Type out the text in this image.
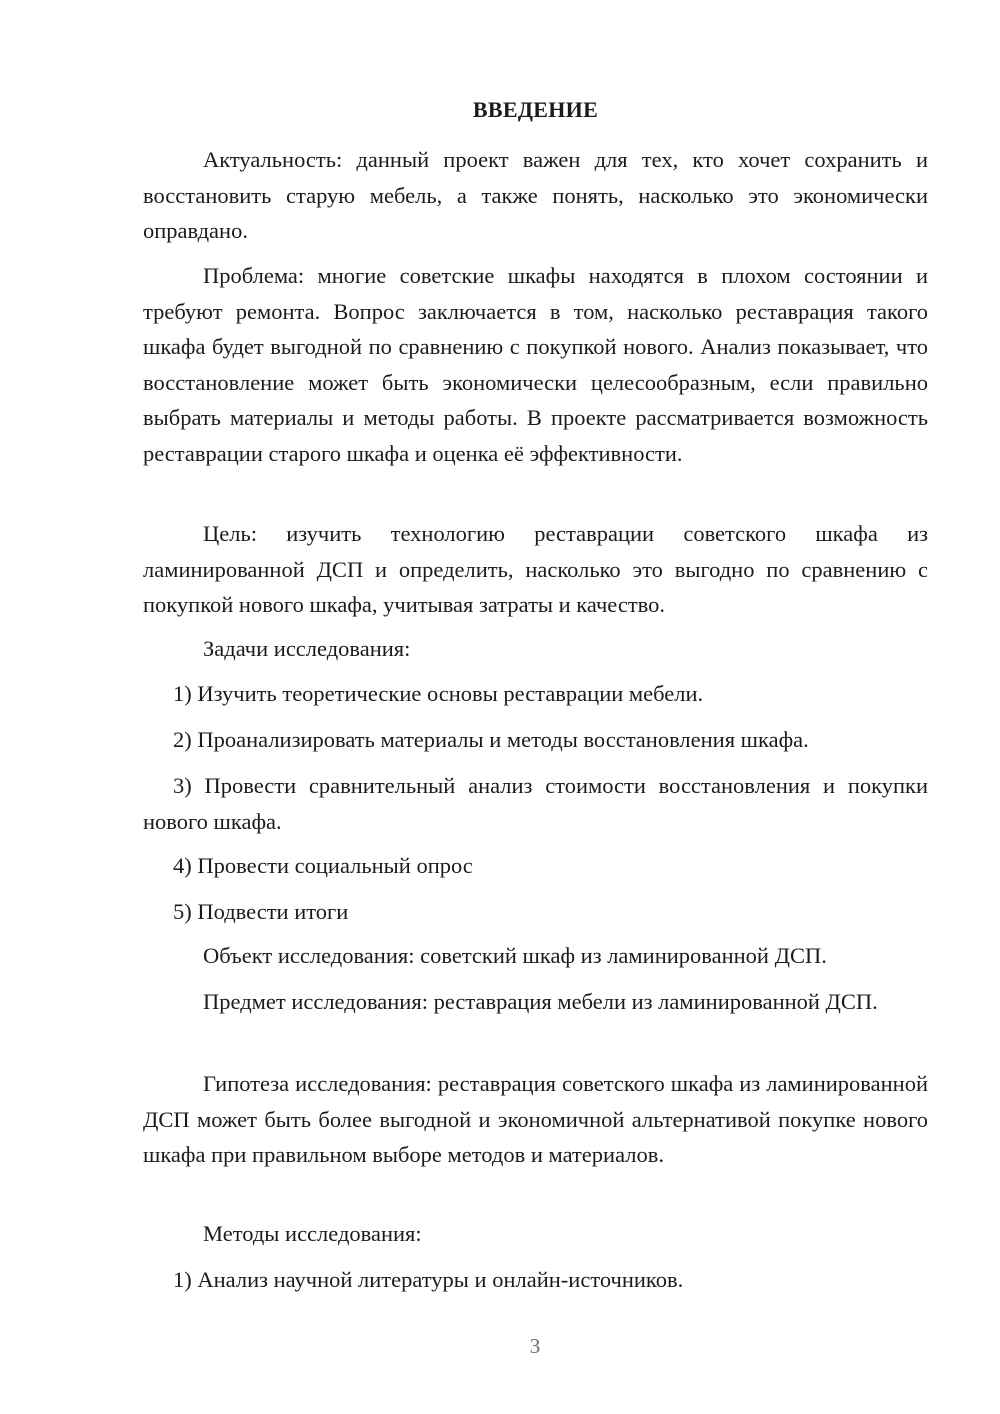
ВВЕДЕНИЕ

Актуальность: данный проект важен для тех, кто хочет сохранить и восстановить старую мебель, а также понять, насколько это экономически оправдано.

Проблема: многие советские шкафы находятся в плохом состоянии и требуют ремонта. Вопрос заключается в том, насколько реставрация такого шкафа будет выгодной по сравнению с покупкой нового. Анализ показывает, что восстановление может быть экономически целесообразным, если правильно выбрать материалы и методы работы. В проекте рассматривается возможность реставрации старого шкафа и оценка её эффективности.

Цель: изучить технологию реставрации советского шкафа из ламинированной ДСП и определить, насколько это выгодно по сравнению с покупкой нового шкафа, учитывая затраты и качество.

Задачи исследования:

1) Изучить теоретические основы реставрации мебели.

2) Проанализировать материалы и методы восстановления шкафа.

3) Провести сравнительный анализ стоимости восстановления и покупки нового шкафа.

4) Провести социальный опрос

5) Подвести итоги

Объект исследования: советский шкаф из ламинированной ДСП.

Предмет исследования: реставрация мебели из ламинированной ДСП.

Гипотеза исследования: реставрация советского шкафа из ламинированной ДСП может быть более выгодной и экономичной альтернативой покупке нового шкафа при правильном выборе методов и материалов.

Методы исследования:

1) Анализ научной литературы и онлайн-источников.

3
